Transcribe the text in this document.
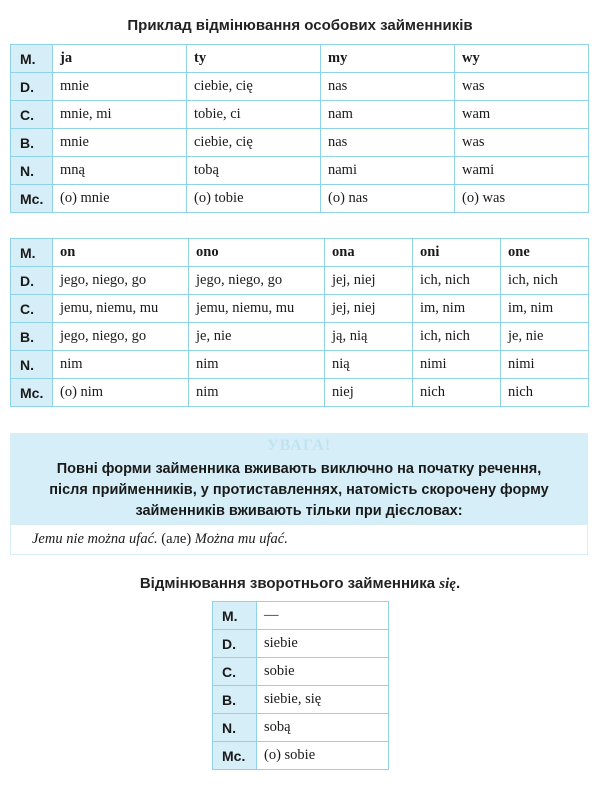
Приклад відмінювання особових займенників
M.	ja	ty	my	wy
D.	mnie	ciebie, cię	nas	was
C.	mnie, mi	tobie, ci	nam	wam
B.	mnie	ciebie, cię	nas	was
N.	mną	tobą	nami	wami
Mc.	(o) mnie	(o) tobie	(o) nas	(o) was
M.	on	ono	ona	oni	one
D.	jego, niego, go	jego, niego, go	jej, niej	ich, nich	ich, nich
C.	jemu, niemu, mu	jemu, niemu, mu	jej, niej	im, nim	im, nim
B.	jego, niego, go	je, nie	ją, nią	ich, nich	je, nie
N.	nim	nim	nią	nimi	nimi
Mc.	(o) nim	nim	niej	nich	nich
УВАГА!
Повні форми займенника вживають виключно на початку речення,
після прийменників, у протиставленнях, натомість скорочену форму
займенників вживають тільки при дієсловах:
Jemu nie można ufać. (але) Można mu ufać.
Відмінювання зворотнього займенника się.
M.	—
D.	siebie
C.	sobie
B.	siebie, się
N.	sobą
Mc.	(o) sobie
